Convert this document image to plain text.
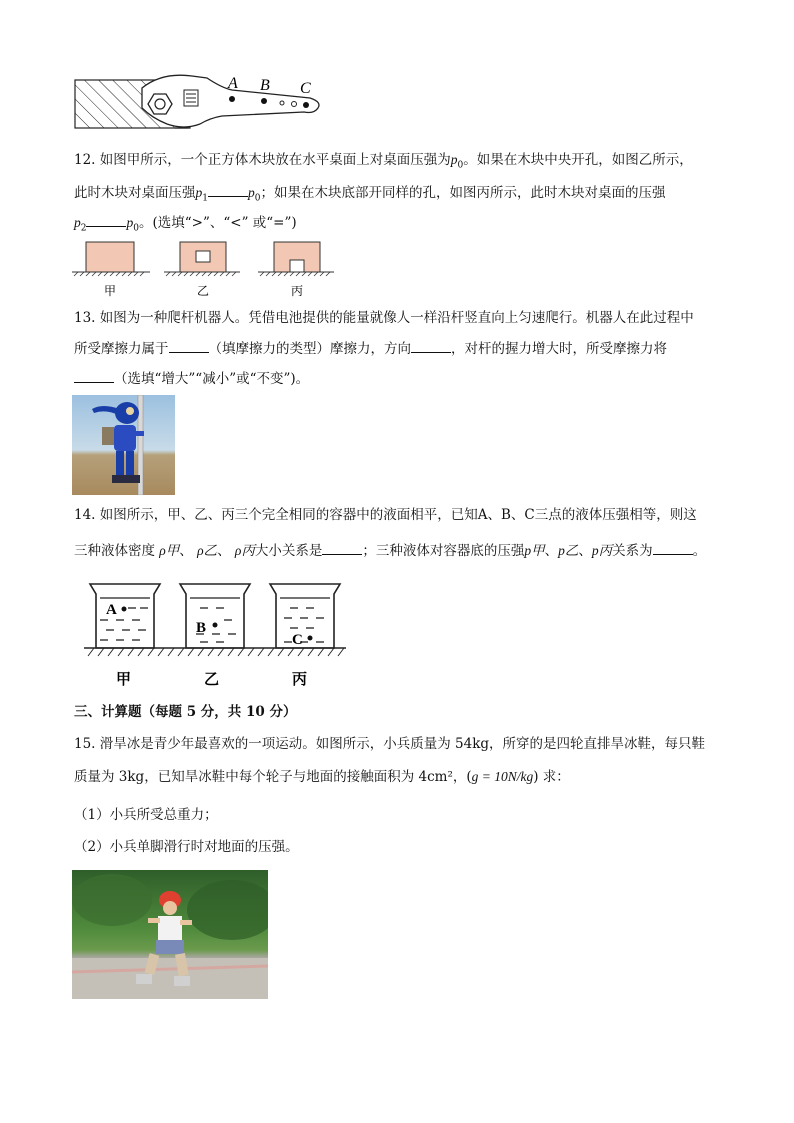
A B C
12. 如图甲所示，一个正方体木块放在水平桌面上对桌面压强为$p_0$。如果在木块中央开孔，如图乙所示，
此时木块对桌面压强$p_1$	$p_0$；如果在木块底部开同样的孔，如图丙所示，此时木块对桌面的压强
$p_2$	$p_0$。(选填“>”、“<” 或“=”)
甲	乙	丙
13. 如图为一种爬杆机器人。凭借电池提供的能量就像人一样沿杆竖直向上匀速爬行。机器人在此过程中
所受摩擦力属于	（填摩擦力的类型）摩擦力，方向	，对杆的握力增大时，所受摩擦力将
（选填“增大”“减小”或“不变”)。
14. 如图所示，甲、乙、丙三个完全相同的容器中的液面相平，已知A、B、C三点的液体压强相等，则这
三种液体密度 ρ甲、 ρ乙、 ρ丙大小关系是	；三种液体对容器底的压强p甲、p乙、p丙关系为	。
A
B
C
甲	乙	丙
三、计算题（每题 5 分，共 10 分）
15. 滑旱冰是青少年最喜欢的一项运动。如图所示，小兵质量为 54kg，所穿的是四轮直排旱冰鞋，每只鞋
质量为 3kg，已知旱冰鞋中每个轮子与地面的接触面积为 4cm²，(g = 10N/kg) 求：
（1）小兵所受总重力；
（2）小兵单脚滑行时对地面的压强。
